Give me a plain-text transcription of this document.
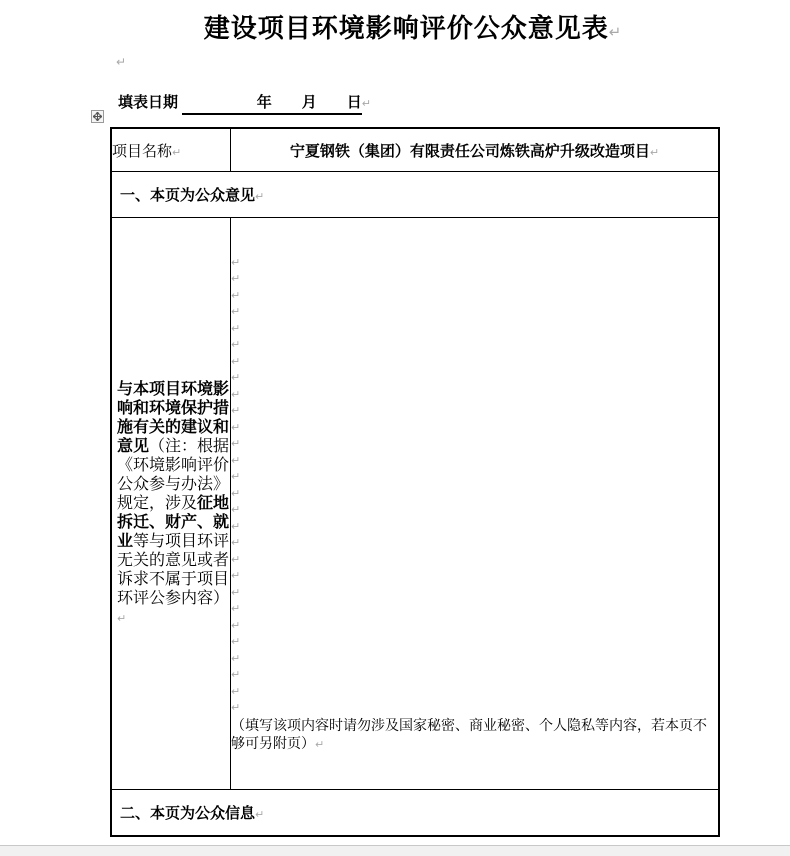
建设项目环境影响评价公众意见表↵
↵
填表日期 　　　　　年　　月　　日↵
项目名称↵	宁夏钢铁（集团）有限责任公司炼铁高炉升级改造项目↵
一、本页为公众意见↵	

与本项目环境影响和环境保护措施有关的建议和意见（注：根据《环境影响评价公众参与办法》规定，涉及征地拆迁、财产、就业等与项目环评无关的意见或者诉求不属于项目环评公参内容）↵

↵
↵
↵
↵
↵
↵
↵
↵
↵
↵
↵
↵
↵
↵
↵
↵
↵
↵
↵
↵
↵
↵
↵
↵
↵
↵
↵
↵
（填写该项内容时请勿涉及国家秘密、商业秘密、个人隐私等内容，若本页不够可另附页）↵

二、本页为公众信息↵	
